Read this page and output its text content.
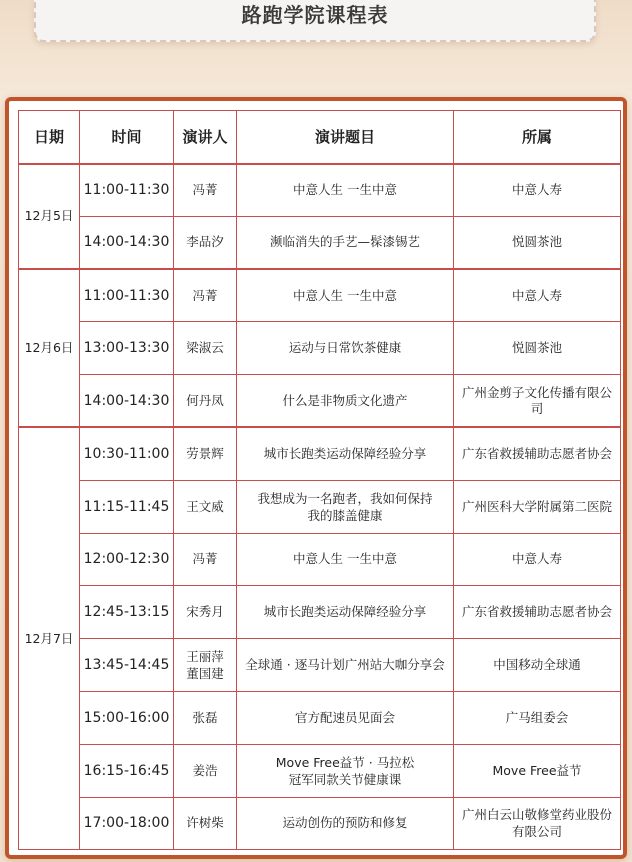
路跑学院课程表
日期	时间	演讲人	演讲题目	所属
12月5日	11:00-11:30	冯菁	中意人生 一生中意	中意人寿
	14:00-14:30	李品汐	濒临消失的手艺—髹漆锡艺	悦圆茶池
12月6日	11:00-11:30	冯菁	中意人生 一生中意	中意人寿
	13:00-13:30	梁淑云	运动与日常饮茶健康	悦圆茶池
	14:00-14:30	何丹凤	什么是非物质文化遗产	广州金剪子文化传播有限公司
12月7日	10:30-11:00	劳景辉	城市长跑类运动保障经验分享	广东省救援辅助志愿者协会
	11:15-11:45	王文威	我想成为一名跑者，我如何保持
我的膝盖健康	广州医科大学附属第二医院
	12:00-12:30	冯菁	中意人生 一生中意	中意人寿
	12:45-13:15	宋秀月	城市长跑类运动保障经验分享	广东省救援辅助志愿者协会
	13:45-14:45	王丽萍
董国建	全球通 · 逐马计划广州站大咖分享会	中国移动全球通
	15:00-16:00	张磊	官方配速员见面会	广马组委会
	16:15-16:45	姜浩	Move Free益节 · 马拉松
冠军同款关节健康课	Move Free益节
	17:00-18:00	许树柴	运动创伤的预防和修复	广州白云山敬修堂药业股份
有限公司
